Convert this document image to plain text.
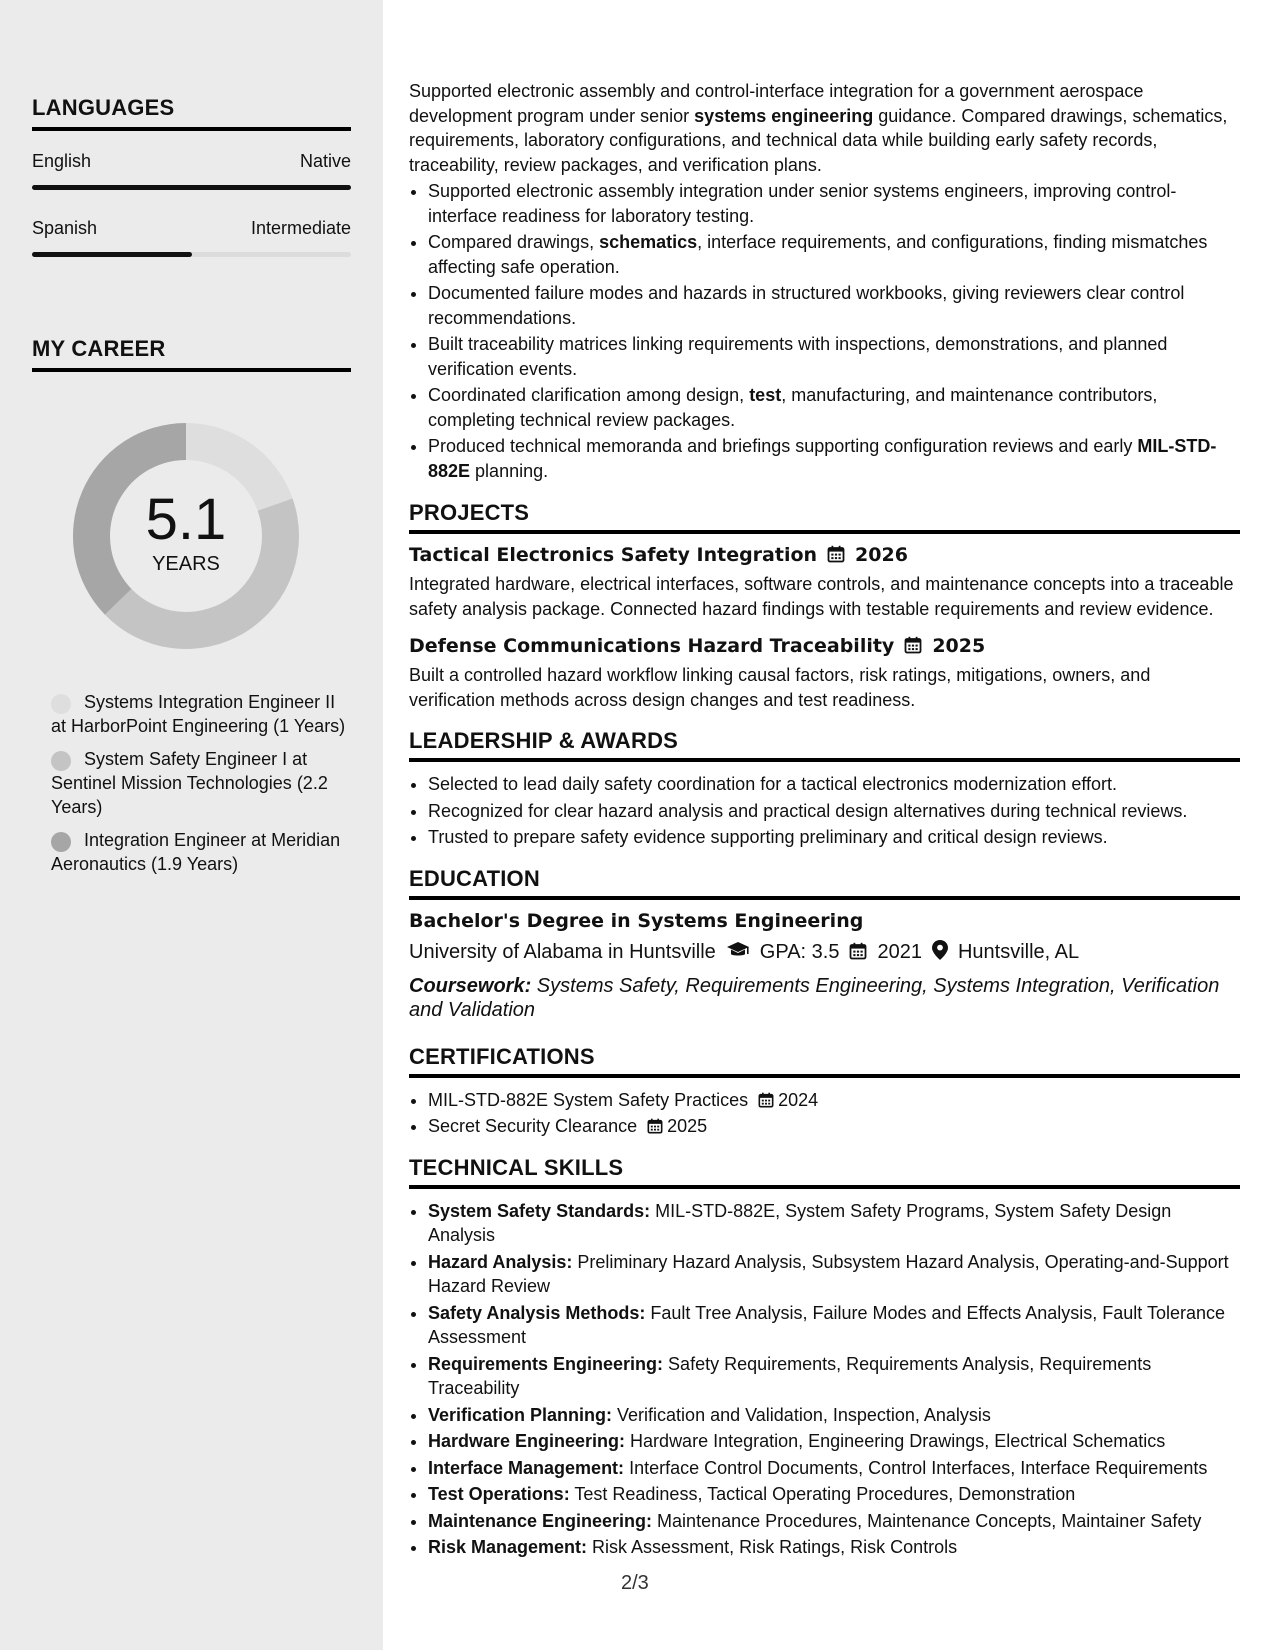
LANGUAGES
English	Native
Spanish	Intermediate
MY CAREER
5.1
YEARS
Systems Integration Engineer II at HarborPoint Engineering (1 Years)
System Safety Engineer I at Sentinel Mission Technologies (2.2 Years)
Integration Engineer at Meridian Aeronautics (1.9 Years)

Supported electronic assembly and control-interface integration for a government aerospace development program under senior systems engineering guidance. Compared drawings, schematics, requirements, laboratory configurations, and technical data while building early safety records, traceability, review packages, and verification plans.

• Supported electronic assembly integration under senior systems engineers, improving control-interface readiness for laboratory testing.
• Compared drawings, schematics, interface requirements, and configurations, finding mismatches affecting safe operation.
• Documented failure modes and hazards in structured workbooks, giving reviewers clear control recommendations.
• Built traceability matrices linking requirements with inspections, demonstrations, and planned verification events.
• Coordinated clarification among design, test, manufacturing, and maintenance contributors, completing technical review packages.
• Produced technical memoranda and briefings supporting configuration reviews and early MIL-STD-882E planning.
PROJECTS
Tactical Electronics Safety Integration 2026

Integrated hardware, electrical interfaces, software controls, and maintenance concepts into a traceable safety analysis package. Connected hazard findings with testable requirements and review evidence.

Defense Communications Hazard Traceability 2025

Built a controlled hazard workflow linking causal factors, risk ratings, mitigations, owners, and verification methods across design changes and test readiness.

LEADERSHIP & AWARDS
• Selected to lead daily safety coordination for a tactical electronics modernization effort.
• Recognized for clear hazard analysis and practical design alternatives during technical reviews.
• Trusted to prepare safety evidence supporting preliminary and critical design reviews.
EDUCATION
Bachelor's Degree in Systems Engineering
University of Alabama in Huntsville GPA: 3.5 2021 Huntsville, AL

Coursework: Systems Safety, Requirements Engineering, Systems Integration, Verification and Validation

CERTIFICATIONS
• MIL-STD-882E System Safety Practices 2024
• Secret Security Clearance 2025
TECHNICAL SKILLS
• System Safety Standards: MIL-STD-882E, System Safety Programs, System Safety Design Analysis
• Hazard Analysis: Preliminary Hazard Analysis, Subsystem Hazard Analysis, Operating-and-Support Hazard Review
• Safety Analysis Methods: Fault Tree Analysis, Failure Modes and Effects Analysis, Fault Tolerance Assessment
• Requirements Engineering: Safety Requirements, Requirements Analysis, Requirements Traceability
• Verification Planning: Verification and Validation, Inspection, Analysis
• Hardware Engineering: Hardware Integration, Engineering Drawings, Electrical Schematics
• Interface Management: Interface Control Documents, Control Interfaces, Interface Requirements
• Test Operations: Test Readiness, Tactical Operating Procedures, Demonstration
• Maintenance Engineering: Maintenance Procedures, Maintenance Concepts, Maintainer Safety
• Risk Management: Risk Assessment, Risk Ratings, Risk Controls
2/3
